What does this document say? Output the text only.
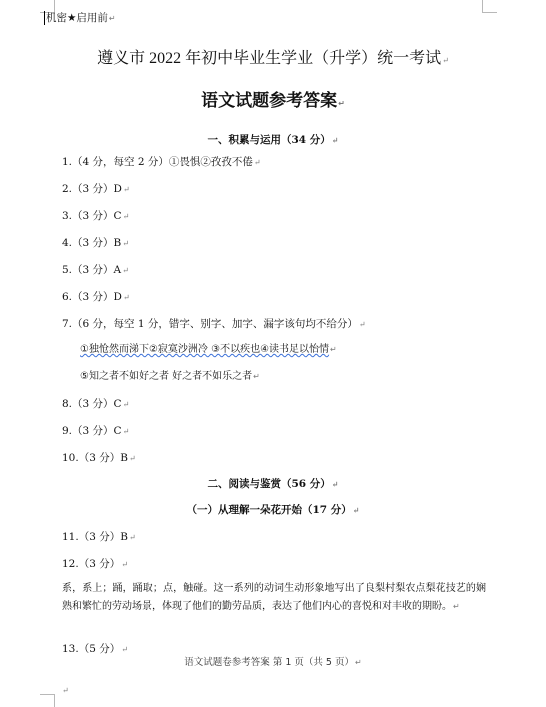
机密★启用前↵
遵义市 2022 年初中毕业生学业（升学）统一考试↵
语文试题参考答案↵
一、积累与运用（34 分）↵
1.（4 分，每空 2 分）①畏惧②孜孜不倦↵
2.（3 分）D↵
3.（3 分）C↵
4.（3 分）B↵
5.（3 分）A↵
6.（3 分）D↵
7.（6 分，每空 1 分，错字、别字、加字、漏字该句均不给分）↵
①独怆然而涕下②寂寞沙洲冷 ③不以疾也④读书足以怡情↵
⑤知之者不如好之者 好之者不如乐之者↵
8.（3 分）C↵
9.（3 分）C↵
10.（3 分）B↵
二、阅读与鉴赏（56 分）↵
（一）从理解一朵花开始（17 分）↵
11.（3 分）B↵
12.（3 分）↵
系，系上；踊，踊取；点，触碰。这一系列的动词生动形象地写出了良梨村梨农点梨花技艺的娴熟和繁忙的劳动场景，体现了他们的勤劳品质，表达了他们内心的喜悦和对丰收的期盼。↵
13.（5 分）↵
语文试题卷参考答案 第 1 页（共 5 页）↵
↵
